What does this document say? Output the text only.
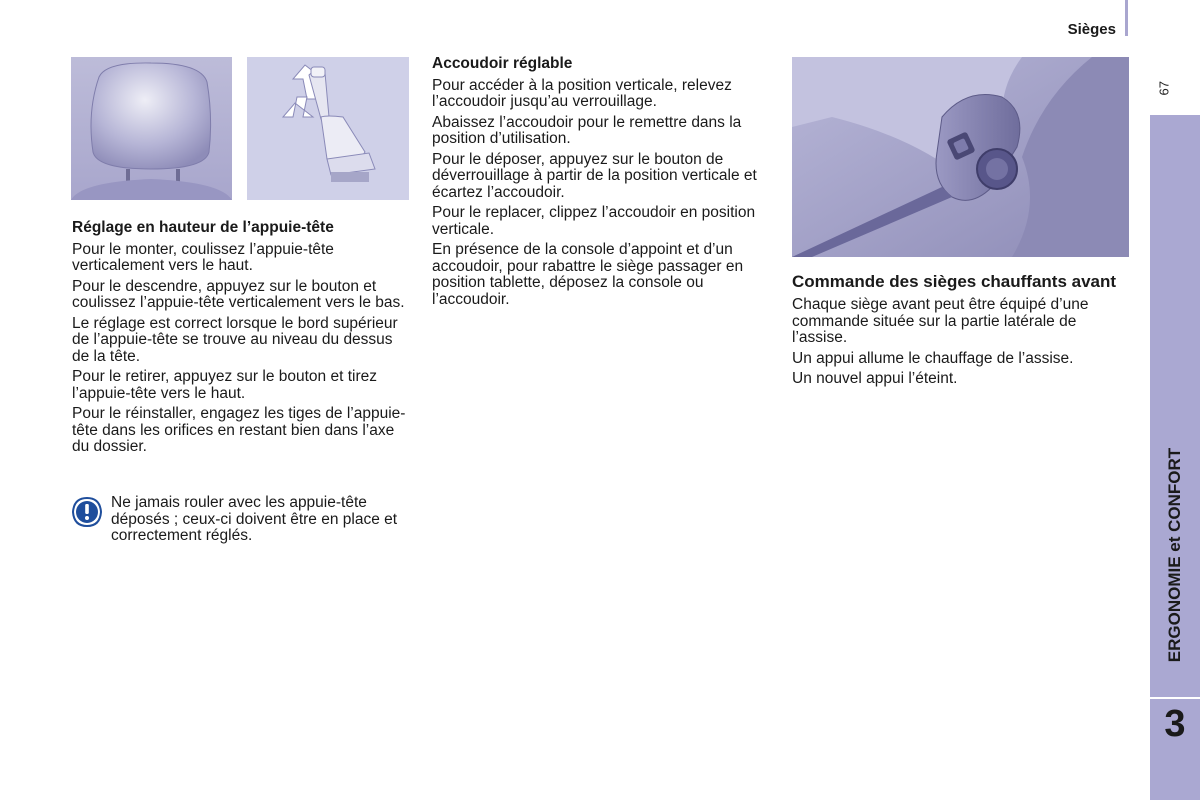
Sièges
67
ERGONOMIE et CONFORT
3
Réglage en hauteur de l’appuie-tête

Pour le monter, coulissez l’appuie-tête verticalement vers le haut.

Pour le descendre, appuyez sur le bouton et coulissez l’appuie-tête verticalement vers le bas.

Le réglage est correct lorsque le bord supérieur de l’appuie-tête se trouve au niveau du dessus de la tête.

Pour le retirer, appuyez sur le bouton et tirez l’appuie-tête vers le haut.

Pour le réinstaller, engagez les tiges de l’appuie-tête dans les orifices en restant bien dans l’axe du dossier.

Ne jamais rouler avec les appuie-tête déposés ; ceux-ci doivent être en place et correctement réglés.
Accoudoir réglable

Pour accéder à la position verticale, relevez l’accoudoir jusqu’au verrouillage.

Abaissez l’accoudoir pour le remettre dans la position d’utilisation.

Pour le déposer, appuyez sur le bouton de déverrouillage à partir de la position verticale et écartez l’accoudoir.

Pour le replacer, clippez l’accoudoir en position verticale.

En présence de la console d’appoint et d’un accoudoir, pour rabattre le siège passager en position tablette, déposez la console ou l’accoudoir.

Commande des sièges chauffants avant

Chaque siège avant peut être équipé d’une commande située sur la partie latérale de l’assise.

Un appui allume le chauffage de l’assise.

Un nouvel appui l’éteint.
